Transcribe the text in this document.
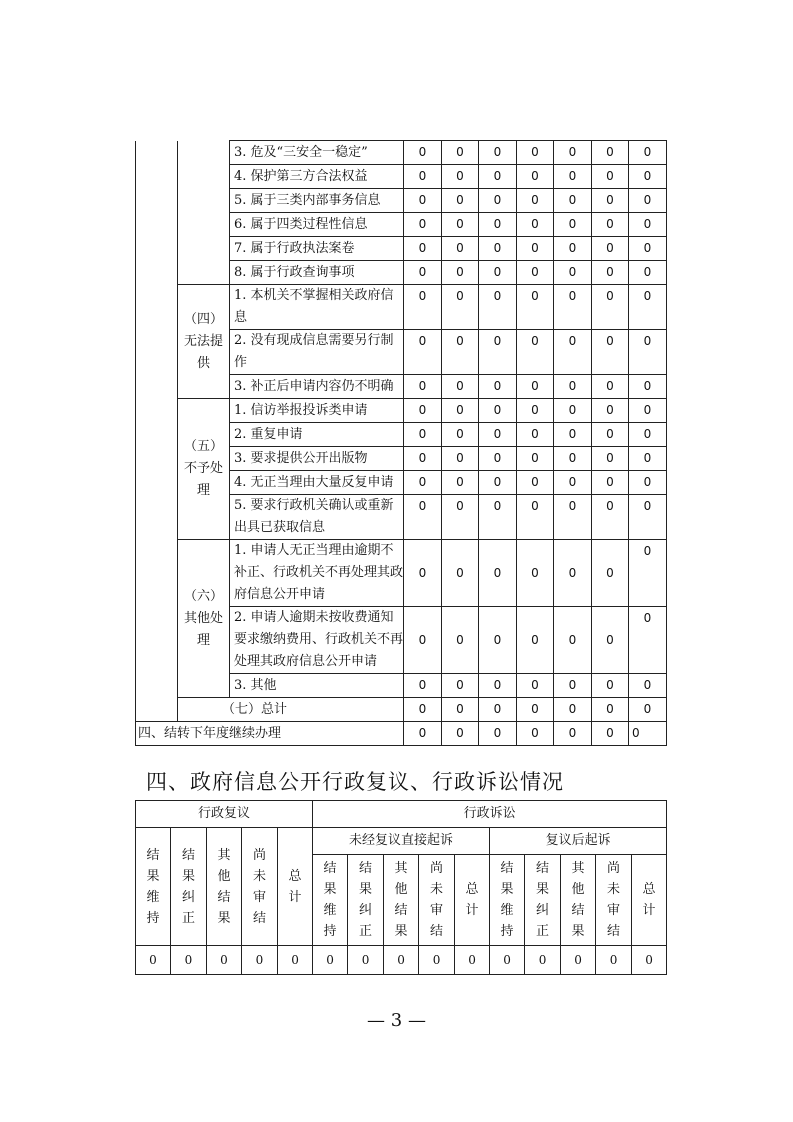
		3. 危及“三安全一稳定”	0	0	0	0	0	0	0
		4. 保护第三方合法权益	0	0	0	0	0	0	0
		5. 属于三类内部事务信息	0	0	0	0	0	0	0
		6. 属于四类过程性信息	0	0	0	0	0	0	0
		7. 属于行政执法案卷	0	0	0	0	0	0	0
		8. 属于行政查询事项	0	0	0	0	0	0	0
	（四）无法提供	1. 本机关不掌握相关政府信息	0	0	0	0	0	0	0
		2. 没有现成信息需要另行制作	0	0	0	0	0	0	0
		3. 补正后申请内容仍不明确	0	0	0	0	0	0	0
	（五）不予处理	1. 信访举报投诉类申请	0	0	0	0	0	0	0
		2. 重复申请	0	0	0	0	0	0	0
		3. 要求提供公开出版物	0	0	0	0	0	0	0
		4. 无正当理由大量反复申请	0	0	0	0	0	0	0
		5. 要求行政机关确认或重新出具已获取信息	0	0	0	0	0	0	0
	（六）其他处理	1. 申请人无正当理由逾期不补正、行政机关不再处理其政府信息公开申请	0	0	0	0	0	0	0
		2. 申请人逾期未按收费通知要求缴纳费用、行政机关不再处理其政府信息公开申请	0	0	0	0	0	0	0
		3. 其他	0	0	0	0	0	0	0
	（七）总计		0	0	0	0	0	0	0
四、结转下年度继续办理			0	0	0	0	0	0	0
四、政府信息公开行政复议、行政诉讼情况
行政复议					行政诉讼									
结果维持	结果纠正	其他结果	尚未审结	总计	未经复议直接起诉					复议后起诉				
					结果维持	结果纠正	其他结果	尚未审结	总计	结果维持	结果纠正	其他结果	尚未审结	总计
0	0	0	0	0	0	0	0	0	0	0	0	0	0	0
— 3 —
